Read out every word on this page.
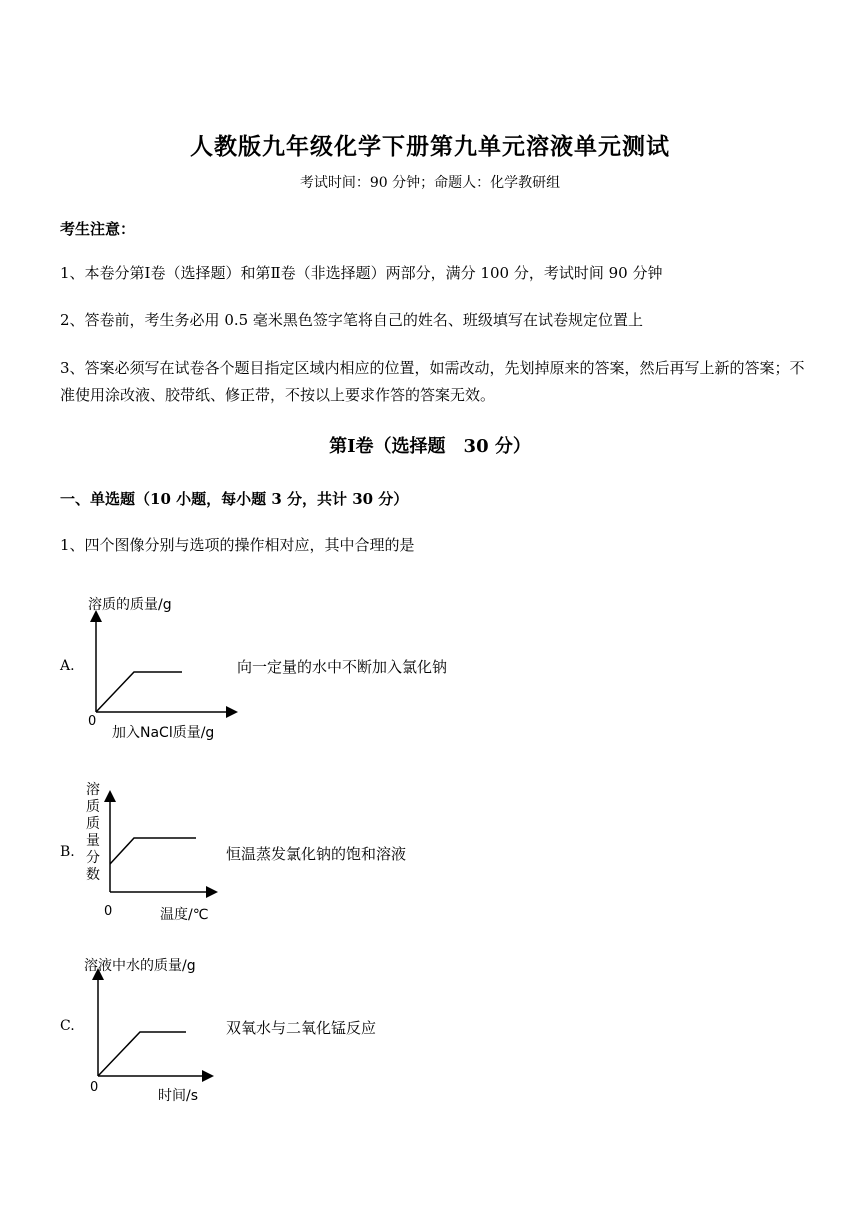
人教版九年级化学下册第九单元溶液单元测试
考试时间：90 分钟；命题人：化学教研组
考生注意：
1、本卷分第Ⅰ卷（选择题）和第Ⅱ卷（非选择题）两部分，满分 100 分，考试时间 90 分钟
2、答卷前，考生务必用 0.5 毫米黑色签字笔将自己的姓名、班级填写在试卷规定位置上
3、答案必须写在试卷各个题目指定区域内相应的位置，如需改动，先划掉原来的答案，然后再写上新的答案；不准使用涂改液、胶带纸、修正带，不按以上要求作答的答案无效。
第Ⅰ卷（选择题　30 分）
一、单选题（10 小题，每小题 3 分，共计 30 分）
1、四个图像分别与选项的操作相对应，其中合理的是
溶质的质量/g
A.
0
加入NaCl质量/g
向一定量的水中不断加入氯化钠
溶
质
质
量
分
数
B.
0	温度/℃
恒温蒸发氯化钠的饱和溶液
溶液中水的质量/g
C.
0
时间/s
双氧水与二氧化锰反应
